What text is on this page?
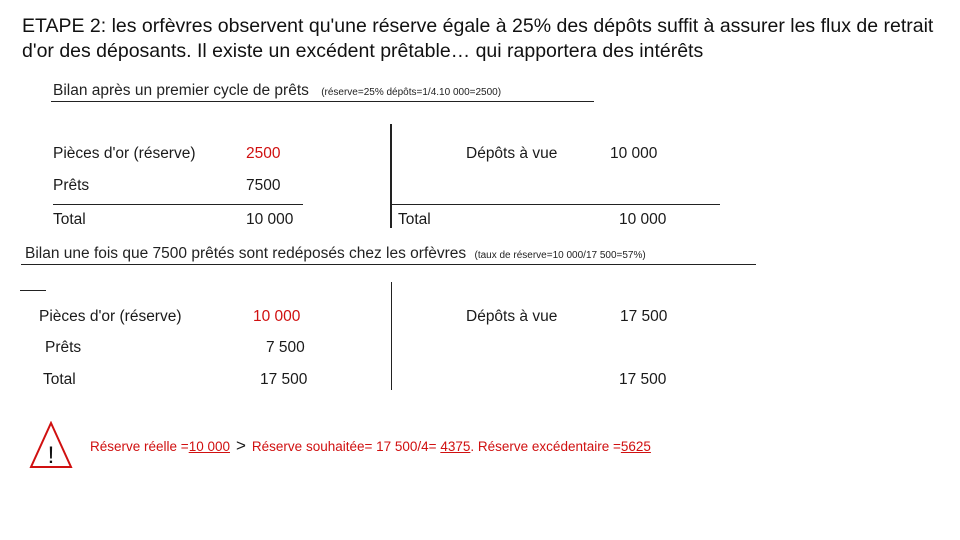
ETAPE 2: les orfèvres observent qu'une réserve égale à 25% des dépôts suffit à assurer les flux de retrait d'or des déposants. Il existe un excédent prêtable… qui rapportera des intérêts
Bilan après un premier cycle de prêts (réserve=25% dépôts=1/4.10 000=2500)
Pièces d'or (réserve)	2500
Prêts	7500
Total	10 000
Dépôts à vue	10 000
Total	10 000
Bilan une fois que 7500 prêtés sont redéposés chez les orfèvres (taux de réserve=10 000/17 500=57%)
Pièces d'or (réserve)	10 000
Prêts	7 500
Total	17 500
Dépôts à vue	17 500
17 500
!	Réserve réelle =10 000 > Réserve souhaitée= 17 500/4= 4375. Réserve excédentaire =5625
